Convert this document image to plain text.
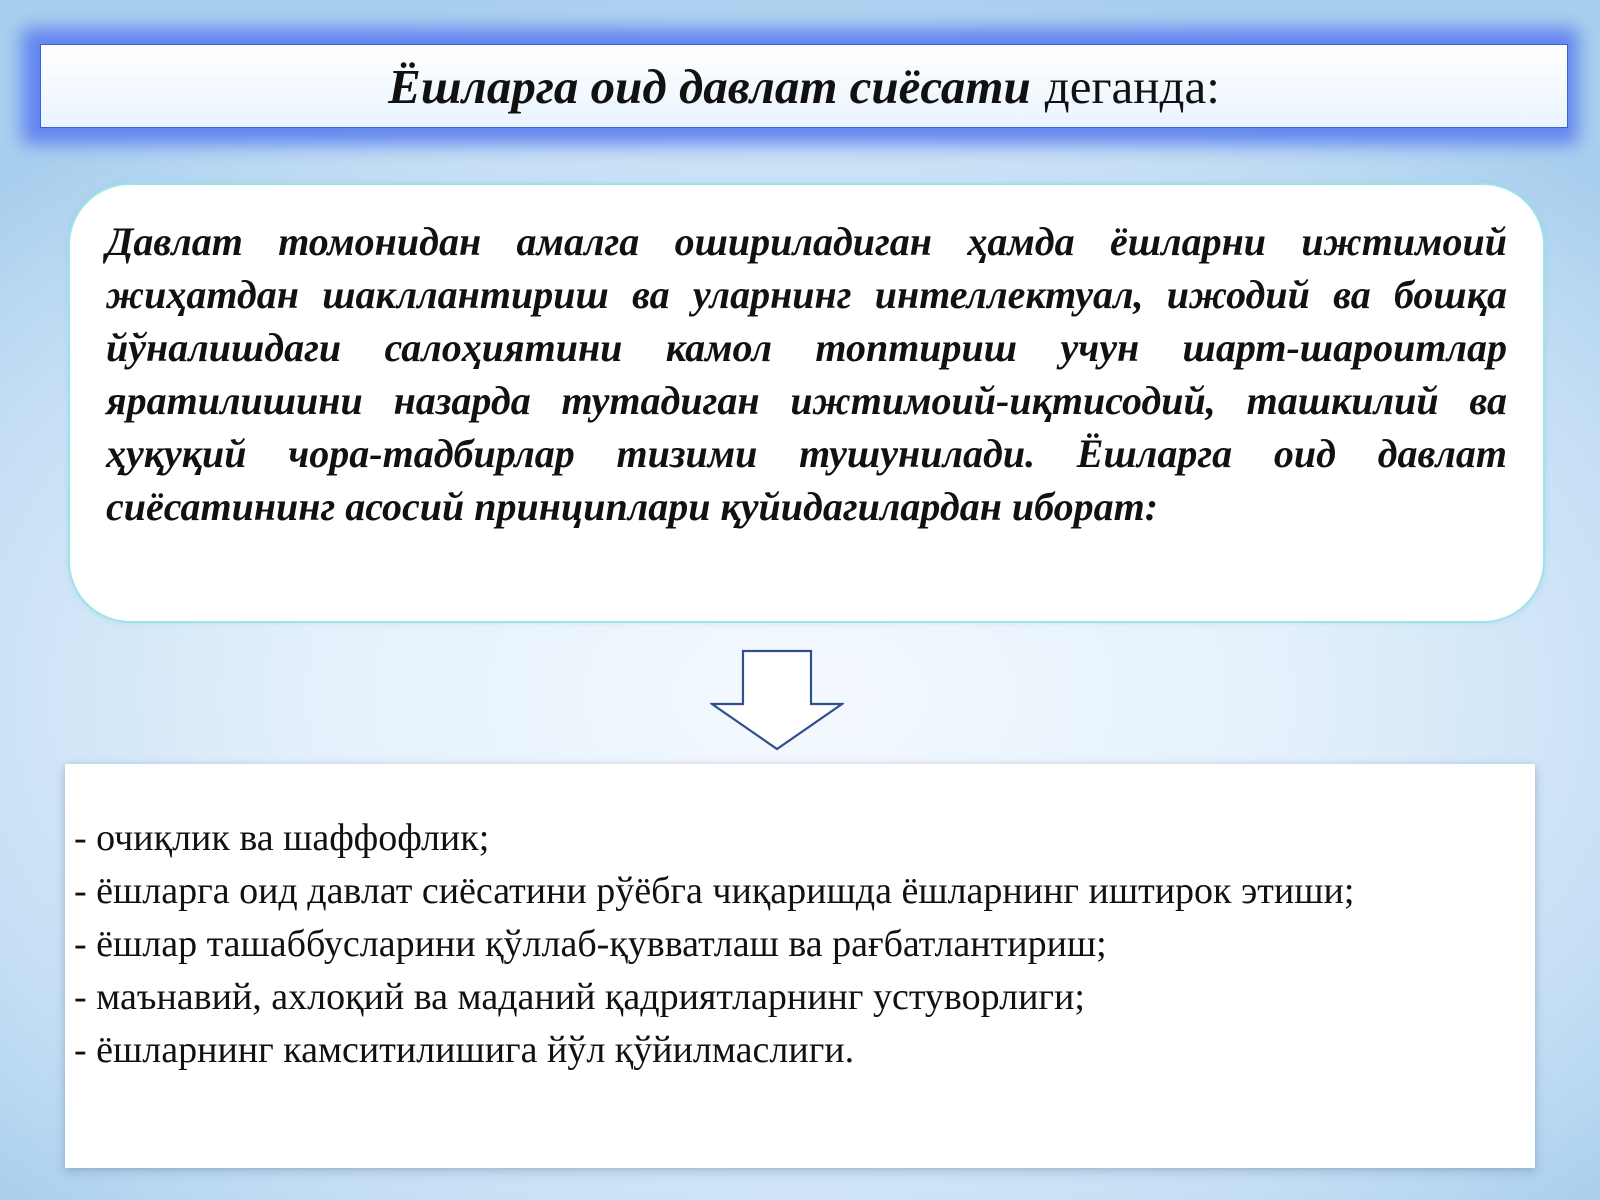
Ёшларга оид давлат сиёсати деганда:

Давлат томонидан амалга ошириладиган ҳамда ёшларни ижтимоий жиҳатдан шакллантириш ва уларнинг интеллектуал, ижодий ва бошқа йўналишдаги салоҳиятини камол топтириш учун шарт-шароитлар яратилишини назарда тутадиган ижтимоий-иқтисодий, ташкилий ва ҳуқуқий чора-тадбирлар тизими тушунилади. Ёшларга оид давлат сиёсатининг асосий принциплари қуйидагилардан иборат:

- очиқлик ва шаффофлик;
- ёшларга оид давлат сиёсатини рўёбга чиқаришда ёшларнинг иштирок этиши;
- ёшлар ташаббусларини қўллаб-қувватлаш ва рағбатлантириш;
- маънавий, ахлоқий ва маданий қадриятларнинг устуворлиги;
- ёшларнинг камситилишига йўл қўйилмаслиги.
